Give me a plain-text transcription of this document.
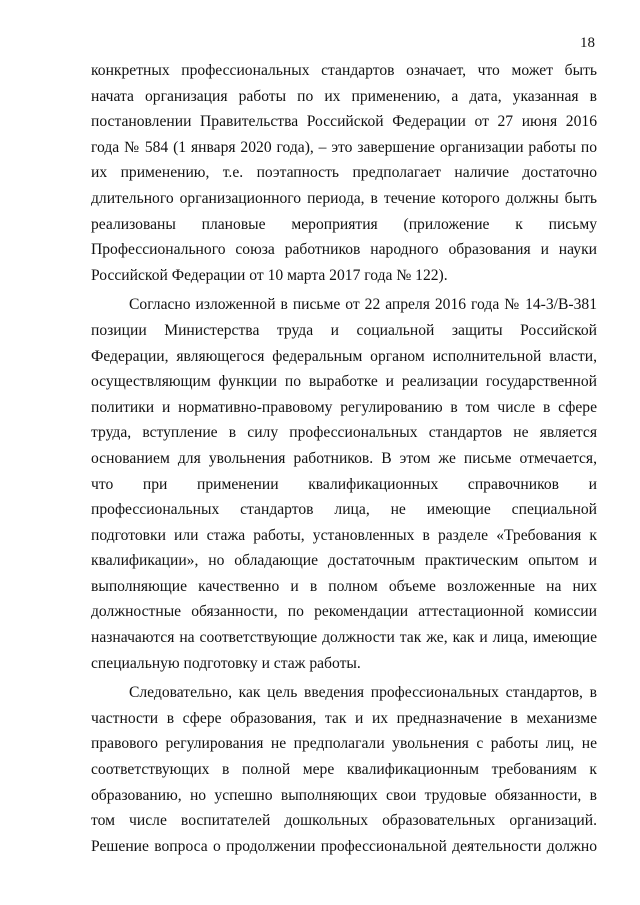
18
конкретных профессиональных стандартов означает, что может быть
начата организация работы по их применению, а дата, указанная в
постановлении Правительства Российской Федерации от 27 июня 2016
года № 584 (1 января 2020 года), – это завершение организации работы по
их применению, т.е. поэтапность предполагает наличие достаточно
длительного организационного периода, в течение которого должны быть
реализованы плановые мероприятия (приложение к письму
Профессионального союза работников народного образования и науки
Российской Федерации от 10 марта 2017 года № 122).
Согласно изложенной в письме от 22 апреля 2016 года № 14-3/В-381
позиции Министерства труда и социальной защиты Российской
Федерации, являющегося федеральным органом исполнительной власти,
осуществляющим функции по выработке и реализации государственной
политики и нормативно-правовому регулированию в том числе в сфере
труда, вступление в силу профессиональных стандартов не является
основанием для увольнения работников. В этом же письме отмечается,
что при применении квалификационных справочников и
профессиональных стандартов лица, не имеющие специальной
подготовки или стажа работы, установленных в разделе «Требования к
квалификации», но обладающие достаточным практическим опытом и
выполняющие качественно и в полном объеме возложенные на них
должностные обязанности, по рекомендации аттестационной комиссии
назначаются на соответствующие должности так же, как и лица, имеющие
специальную подготовку и стаж работы.
Следовательно, как цель введения профессиональных стандартов, в
частности в сфере образования, так и их предназначение в механизме
правового регулирования не предполагали увольнения с работы лиц, не
соответствующих в полной мере квалификационным требованиям к
образованию, но успешно выполняющих свои трудовые обязанности, в
том числе воспитателей дошкольных образовательных организаций.
Решение вопроса о продолжении профессиональной деятельности должно
